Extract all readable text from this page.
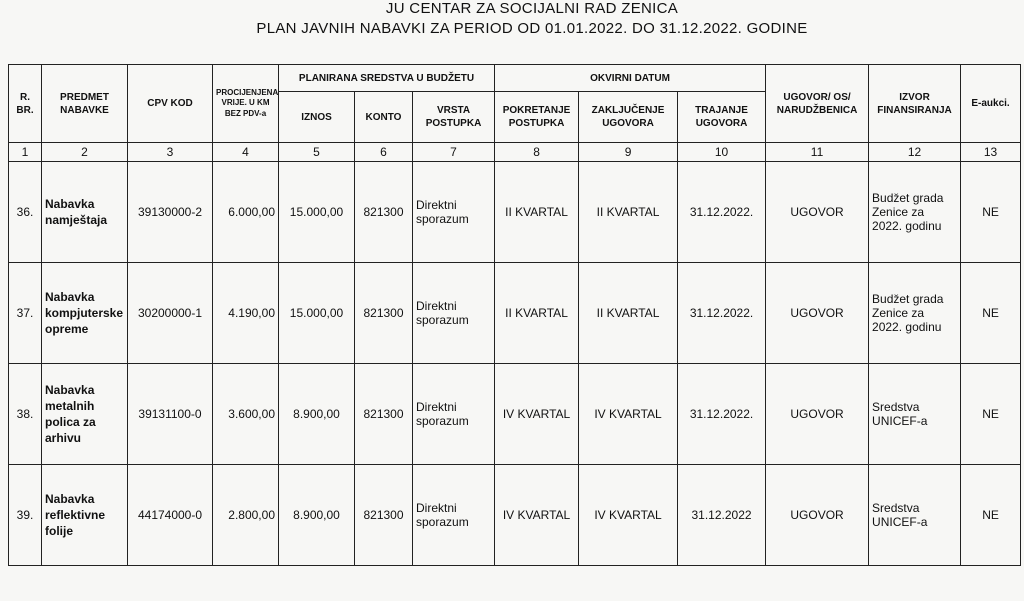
JU CENTAR ZA SOCIJALNI RAD ZENICA
PLAN JAVNIH NABAVKI ZA PERIOD OD 01.01.2022. DO 31.12.2022. GODINE
R. BR.	PREDMET NABAVKE	CPV KOD	PROCIJENJENA VRIJE. U KM BEZ PDV-a	PLANIRANA SREDSTVA U BUDŽETU			OKVIRNI DATUM			UGOVOR/ OS/ NARUDŽBENICA	IZVOR FINANSIRANJA	E-aukci.
				IZNOS	KONTO	VRSTA POSTUPKA	POKRETANJE POSTUPKA	ZAKLJUČENJE UGOVORA	TRAJANJE UGOVORA			
1	2	3	4	5	6	7	8	9	10	11	12	13
36.	Nabavka namještaja	39130000-2	6.000,00	15.000,00	821300	Direktni sporazum	II KVARTAL	II KVARTAL	31.12.2022.	UGOVOR	Budžet grada Zenice za 2022. godinu	NE
37.	Nabavka kompjuterske opreme	30200000-1	4.190,00	15.000,00	821300	Direktni sporazum	II KVARTAL	II KVARTAL	31.12.2022.	UGOVOR	Budžet grada Zenice za 2022. godinu	NE
38.	Nabavka metalnih polica za arhivu	39131100-0	3.600,00	8.900,00	821300	Direktni sporazum	IV KVARTAL	IV KVARTAL	31.12.2022.	UGOVOR	Sredstva UNICEF-a	NE
39.	Nabavka reflektivne folije	44174000-0	2.800,00	8.900,00	821300	Direktni sporazum	IV KVARTAL	IV KVARTAL	31.12.2022	UGOVOR	Sredstva UNICEF-a	NE
